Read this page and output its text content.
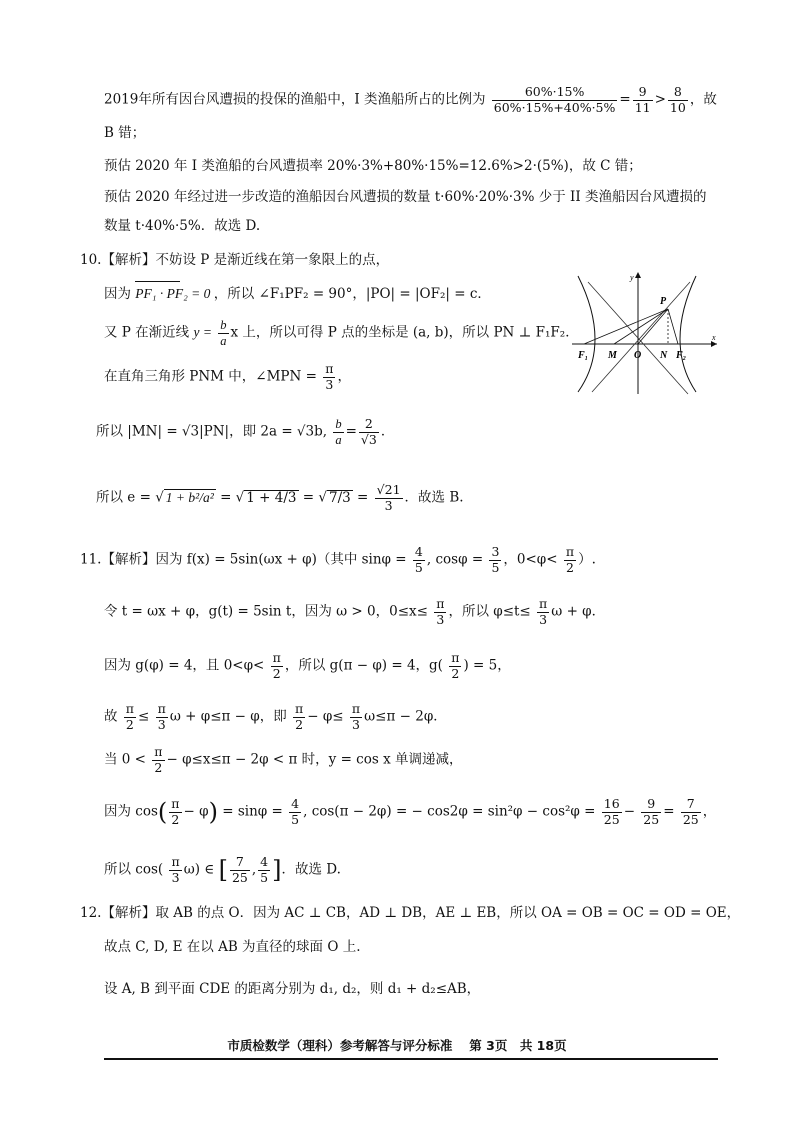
2019年所有因台风遭损的投保的渔船中，I 类渔船所占的比例为 $\frac{60\%\cdot 15\%}{60\%\cdot 15\%+40\%\cdot 5\%} = \frac{9}{11} > \frac{8}{10}$ ，故
B 错；
预估 2020 年 I 类渔船的台风遭损率 20%·3%+80%·15%=12.6%>2·(5%)，故 C 错；
预估 2020 年经过进一步改造的渔船因台风遭损的数量 t·60%·20%·3% 少于 II 类渔船因台风遭损的
数量 t·40%·5%．故选 D.
10.【解析】不妨设 P 是渐近线在第一象限上的点，
因为 PF₁ · PF₂ = 0 ，所以 ∠F₁PF₂ = 90°，|PO| = |OF₂| = c．
又 P 在渐近线 $y = \frac{b}{a}$ x 上，所以可得 P 点的坐标是 (a, b)，所以 PN ⊥ F₁F₂．
在直角三角形 PNM 中，∠MPN = $\frac{\pi}{3}$ ，
所以 |MN| = √3|PN|，即 2a = √3b, $\frac{b}{a} = \frac{2}{√3}$ ．
所以 e = √ 1 + b²/a² = √ 1 + 4/3 = √ $7/3 = \frac{√21}{3}$ ．故选 B.
y
x
P
F₁ M O N F₂
11.【解析】因为 f(x) = 5sin(ωx + φ)（其中 $\sin\varphi = \frac{4}{5}$ , $\cos\varphi = \frac{3}{5}$ ，$0<\varphi< \frac{\pi}{2}$ ）.
令 t = ωx + φ，g(t) = 5sin t，因为 ω > 0，$0\le x\le \frac{\pi}{3}$ ，所以 $\varphi\le t\le \frac{\pi}{3}$ ω + φ．
因为 g(φ) = 4，且 $0<\varphi< \frac{\pi}{2}$ ，所以 g(π − φ) = 4，$g( \frac{\pi}{2}$ ) = 5，
故 $\frac{\pi}{2} \le \frac{\pi}{3}$ ω + φ≤π − φ，即 $\frac{\pi}{2} - \varphi\le \frac{\pi}{3} \omega\le\pi - 2\varphi$．
当 $0 < \frac{\pi}{2} - \varphi\le x\le\pi - 2\varphi < \pi$ 时，y = cos x 单调递减，
因为 $\cos( \frac{\pi}{2} - \varphi) = \sin\varphi = \frac{4}{5}$ , cos(π − 2φ) = − $\cos 2\varphi = \sin^2\varphi - \cos^2\varphi = \frac{16}{25} - \frac{9}{25} = \frac{7}{25}$ ，
所以 $\cos( \frac{\pi}{3} \omega)$ ∈ [ $\frac{7}{25}$ , $\frac{4}{5}$ ]．故选 D.
12.【解析】取 AB 的点 O．因为 AC ⊥ CB，AD ⊥ DB，AE ⊥ EB，所以 OA = OB = OC = OD = OE，
故点 C, D, E 在以 AB 为直径的球面 O 上.
设 A, B 到平面 CDE 的距离分别为 d₁, d₂，则 d₁ + d₂≤AB，
市质检数学（理科）参考解答与评分标准　 第 3页　共 18页
